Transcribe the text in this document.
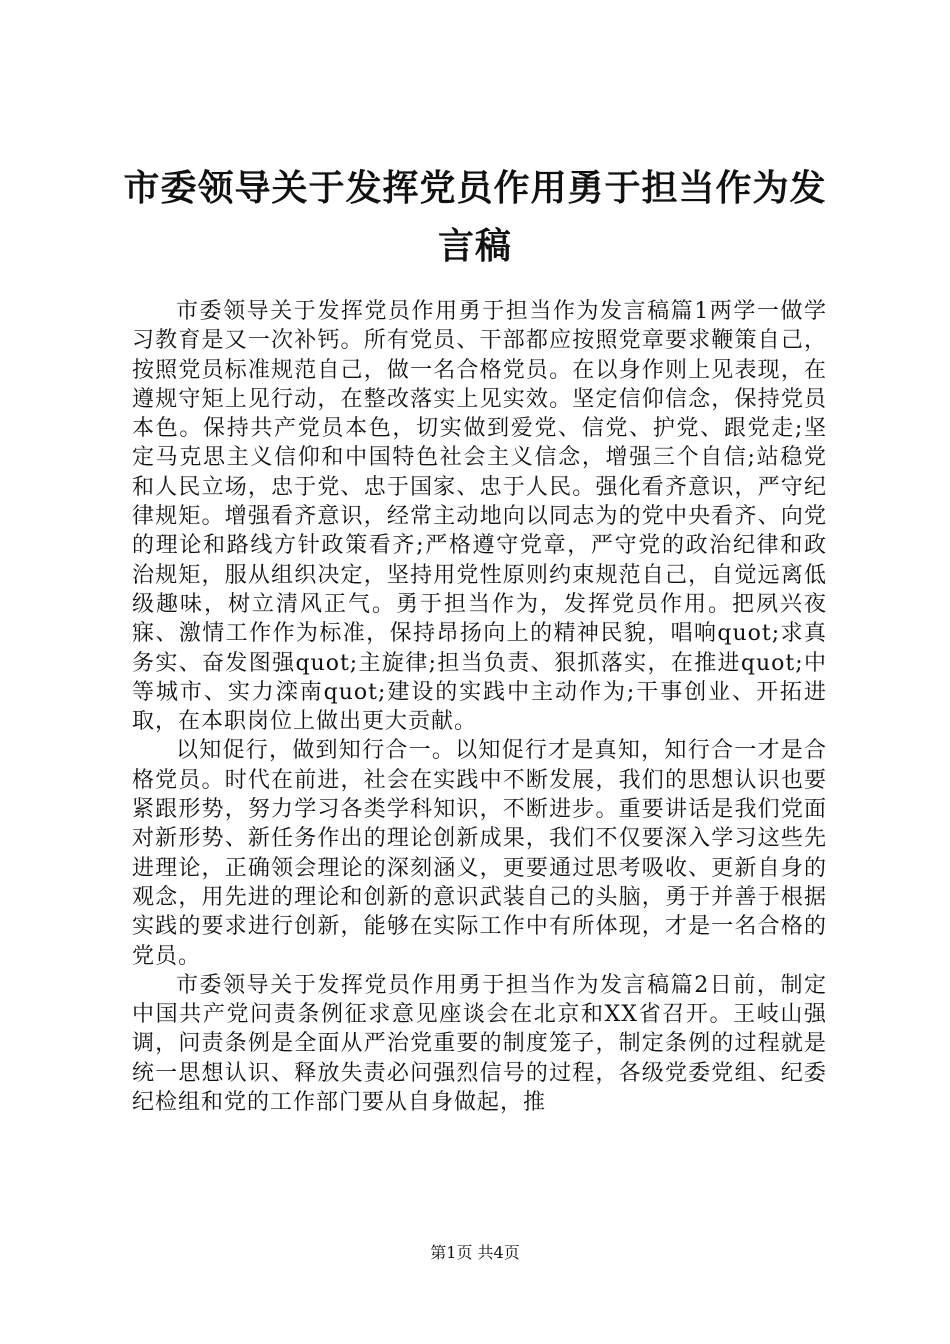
市委领导关于发挥党员作用勇于担当作为发言稿

市委领导关于发挥党员作用勇于担当作为发言稿篇1两学一做学习教育是又一次补钙。所有党员、干部都应按照党章要求鞭策自己，按照党员标准规范自己，做一名合格党员。在以身作则上见表现，在遵规守矩上见行动，在整改落实上见实效。坚定信仰信念，保持党员本色。保持共产党员本色，切实做到爱党、信党、护党、跟党走;坚定马克思主义信仰和中国特色社会主义信念，增强三个自信;站稳党和人民立场，忠于党、忠于国家、忠于人民。强化看齐意识，严守纪律规矩。增强看齐意识，经常主动地向以同志为的党中央看齐、向党的理论和路线方针政策看齐;严格遵守党章，严守党的政治纪律和政治规矩，服从组织决定，坚持用党性原则约束规范自己，自觉远离低级趣味，树立清风正气。勇于担当作为，发挥党员作用。把夙兴夜寐、激情工作作为标准，保持昂扬向上的精神民貌，唱响quot;求真务实、奋发图强quot;主旋律;担当负责、狠抓落实，在推进quot;中等城市、实力滦南quot;建设的实践中主动作为;干事创业、开拓进取，在本职岗位上做出更大贡献。

以知促行，做到知行合一。以知促行才是真知，知行合一才是合格党员。时代在前进，社会在实践中不断发展，我们的思想认识也要紧跟形势，努力学习各类学科知识，不断进步。重要讲话是我们党面对新形势、新任务作出的理论创新成果，我们不仅要深入学习这些先进理论，正确领会理论的深刻涵义，更要通过思考吸收、更新自身的观念，用先进的理论和创新的意识武装自己的头脑，勇于并善于根据实践的要求进行创新，能够在实际工作中有所体现，才是一名合格的党员。

市委领导关于发挥党员作用勇于担当作为发言稿篇2日前，制定中国共产党问责条例征求意见座谈会在北京和XX省召开。王岐山强调，问责条例是全面从严治党重要的制度笼子，制定条例的过程就是统一思想认识、释放失责必问强烈信号的过程，各级党委党组、纪委纪检组和党的工作部门要从自身做起，推

第1页 共4页
